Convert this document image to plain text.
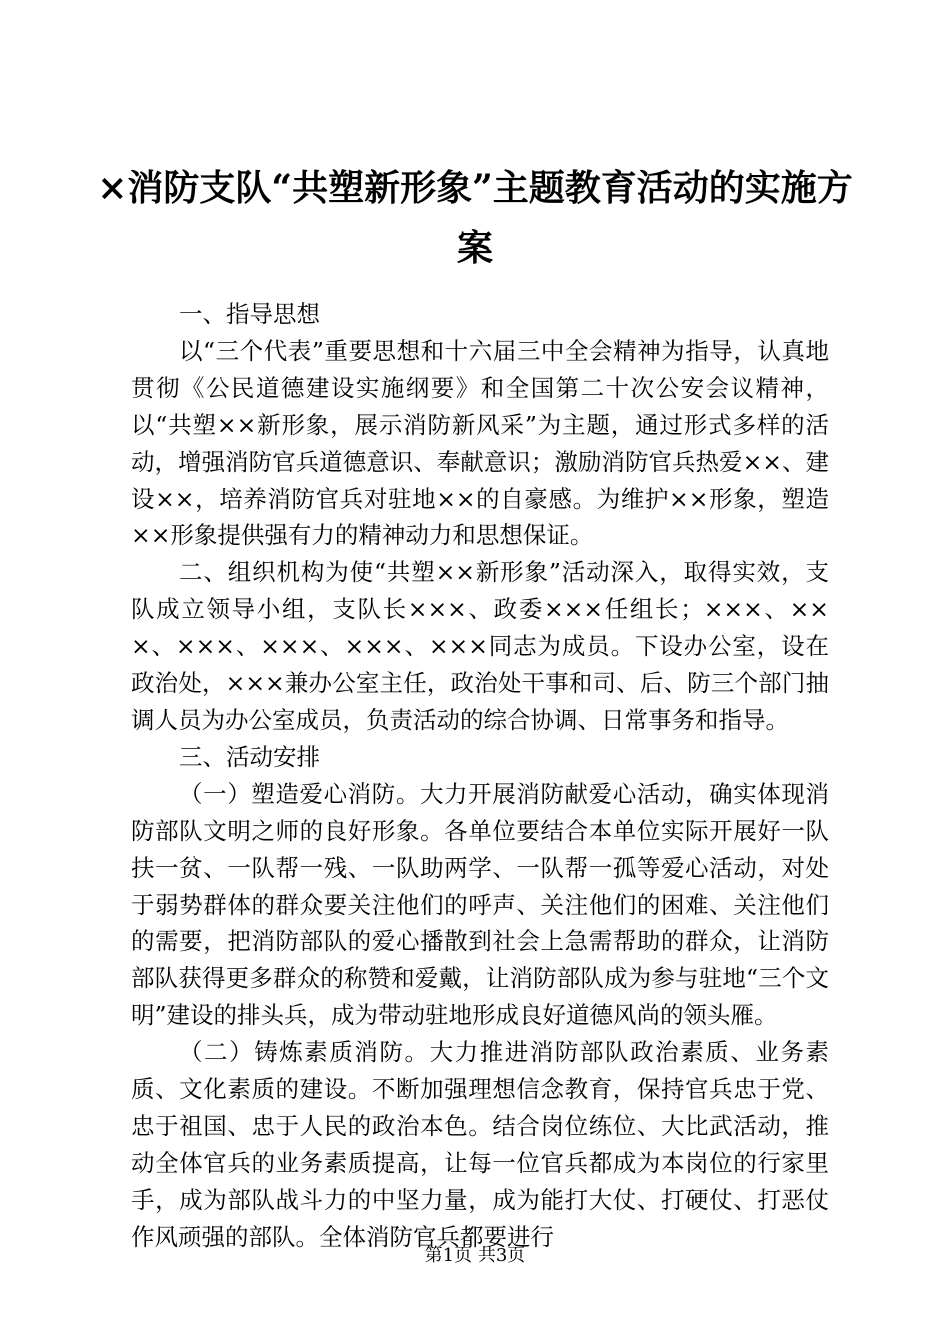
×消防支队“共塑新形象”主题教育活动的实施方案

一、指导思想

以“三个代表”重要思想和十六届三中全会精神为指导，认真地贯彻《公民道德建设实施纲要》和全国第二十次公安会议精神，以“共塑××新形象，展示消防新风采”为主题，通过形式多样的活动，增强消防官兵道德意识、奉献意识；激励消防官兵热爱××、建设××，培养消防官兵对驻地××的自豪感。为维护××形象，塑造××形象提供强有力的精神动力和思想保证。

二、组织机构为使“共塑××新形象”活动深入，取得实效，支队成立领导小组，支队长×××、政委×××任组长；×××、×××、×××、×××、×××、×××同志为成员。下设办公室，设在政治处，×××兼办公室主任，政治处干事和司、后、防三个部门抽调人员为办公室成员，负责活动的综合协调、日常事务和指导。

三、活动安排

（一）塑造爱心消防。大力开展消防献爱心活动，确实体现消防部队文明之师的良好形象。各单位要结合本单位实际开展好一队扶一贫、一队帮一残、一队助两学、一队帮一孤等爱心活动，对处于弱势群体的群众要关注他们的呼声、关注他们的困难、关注他们的需要，把消防部队的爱心播散到社会上急需帮助的群众，让消防部队获得更多群众的称赞和爱戴，让消防部队成为参与驻地“三个文明”建设的排头兵，成为带动驻地形成良好道德风尚的领头雁。

（二）铸炼素质消防。大力推进消防部队政治素质、业务素质、文化素质的建设。不断加强理想信念教育，保持官兵忠于党、忠于祖国、忠于人民的政治本色。结合岗位练位、大比武活动，推动全体官兵的业务素质提高，让每一位官兵都成为本岗位的行家里手，成为部队战斗力的中坚力量，成为能打大仗、打硬仗、打恶仗作风顽强的部队。全体消防官兵都要进行

第1页 共3页
